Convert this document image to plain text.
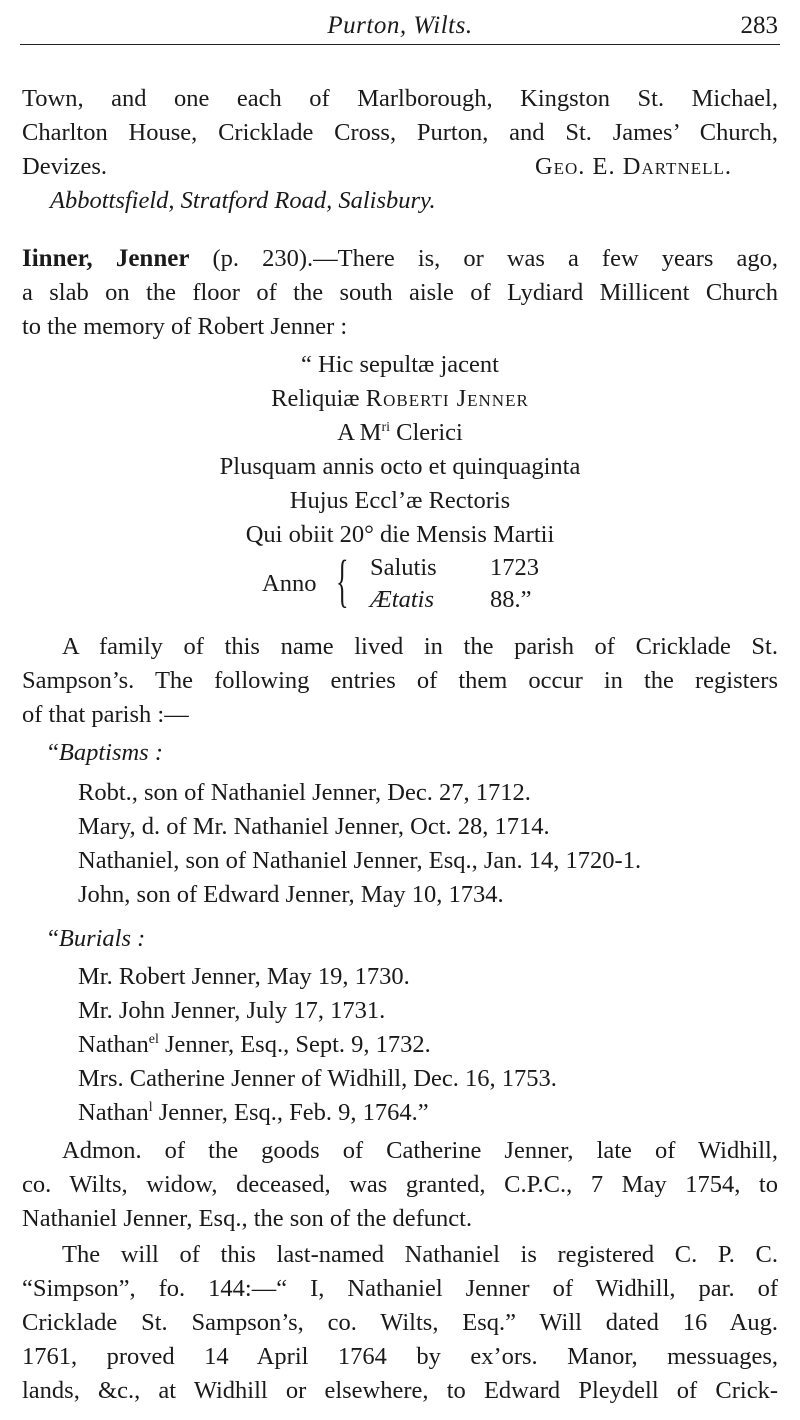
Purton, Wilts.	283
Town, and one each of Marlborough, Kingston St. Michael,
Charlton House, Cricklade Cross, Purton, and St. James’ Church,
Devizes.	Geo. E. Dartnell.
Abbottsfield, Stratford Road, Salisbury.
Iinner, Jenner (p. 230).—There is, or was a few years ago,
a slab on the floor of the south aisle of Lydiard Millicent Church
to the memory of Robert Jenner :
“ Hic sepultæ jacent
Reliquiæ Roberti Jenner
A $M^{ri}$ Clerici
Plusquam annis octo et quinquaginta
Hujus Eccl’æ Rectoris
Qui obiit 20° die Mensis Martii
Anno { Salutis 1723
Ætatis 88.”
A family of this name lived in the parish of Cricklade St.
Sampson’s. The following entries of them occur in the registers
of that parish :—
“Baptisms :
Robt., son of Nathaniel Jenner, Dec. 27, 1712.
Mary, d. of Mr. Nathaniel Jenner, Oct. 28, 1714.
Nathaniel, son of Nathaniel Jenner, Esq., Jan. 14, 1720-1.
John, son of Edward Jenner, May 10, 1734.
“Burials :
Mr. Robert Jenner, May 19, 1730.
Mr. John Jenner, July 17, 1731.
Nathan$^{el}$ Jenner, Esq., Sept. 9, 1732.
Mrs. Catherine Jenner of Widhill, Dec. 16, 1753.
Nathan$^l$ Jenner, Esq., Feb. 9, 1764.”
Admon. of the goods of Catherine Jenner, late of Widhill,
co. Wilts, widow, deceased, was granted, C.P.C., 7 May 1754, to
Nathaniel Jenner, Esq., the son of the defunct.
The will of this last-named Nathaniel is registered C. P. C.
“Simpson”, fo. 144:—“ I, Nathaniel Jenner of Widhill, par. of
Cricklade St. Sampson’s, co. Wilts, Esq.” Will dated 16 Aug.
1761, proved 14 April 1764 by ex’ors. Manor, messuages,
lands, &c., at Widhill or elsewhere, to Edward Pleydell of Crick-
